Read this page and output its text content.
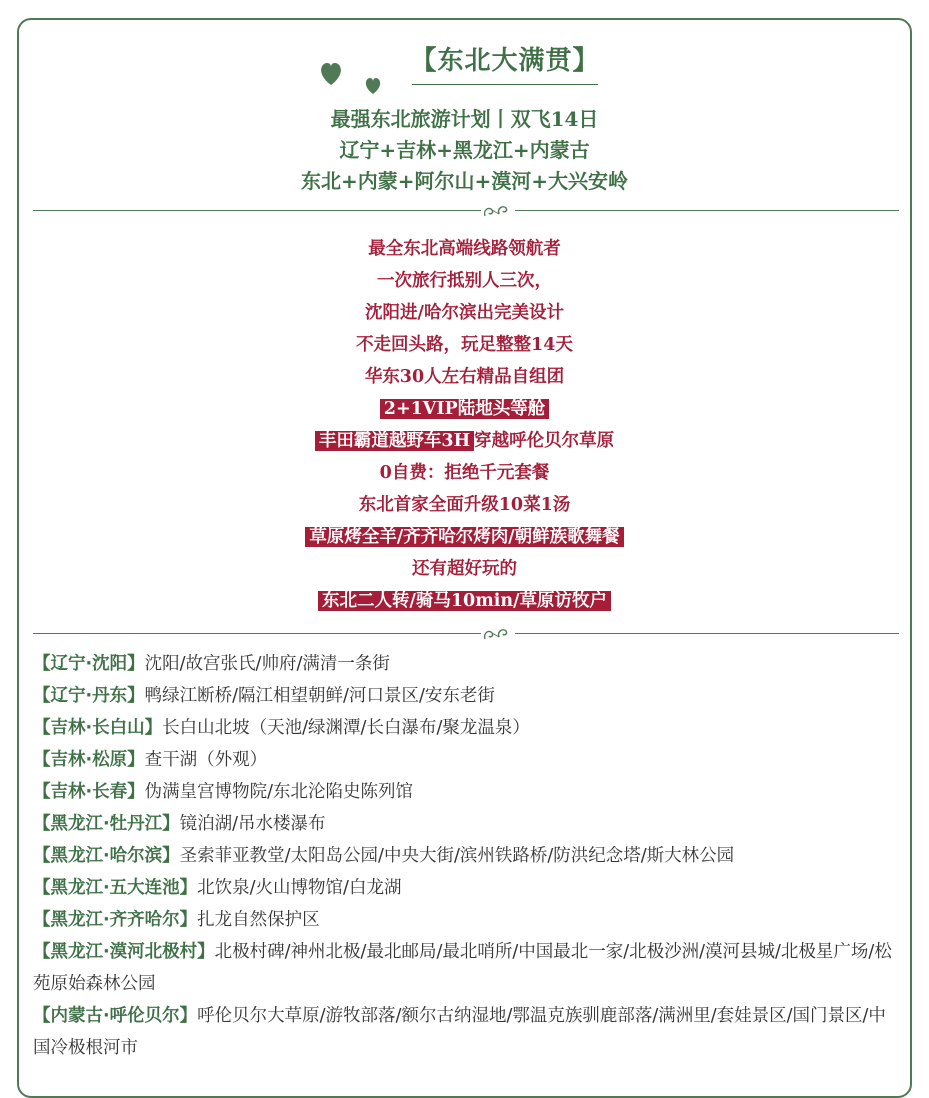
【东北大满贯】
最强东北旅游计划丨双飞14日
辽宁+吉林+黑龙江+内蒙古
东北+内蒙+阿尔山+漠河+大兴安岭
最全东北高端线路领航者
一次旅行抵别人三次，
沈阳进/哈尔滨出完美设计
不走回头路，玩足整整14天
华东30人左右精品自组团
2+1VIP陆地头等舱
丰田霸道越野车3H 穿越呼伦贝尔草原
0自费：拒绝千元套餐
东北首家全面升级10菜1汤
草原烤全羊/齐齐哈尔烤肉/朝鲜族歌舞餐
还有超好玩的
东北二人转/骑马10min/草原访牧户
【辽宁·沈阳】沈阳/故宫张氏/帅府/满清一条街
【辽宁·丹东】鸭绿江断桥/隔江相望朝鲜/河口景区/安东老街
【吉林·长白山】长白山北坡（天池/绿渊潭/长白瀑布/聚龙温泉）
【吉林·松原】查干湖（外观）
【吉林·长春】伪满皇宫博物院/东北沦陷史陈列馆
【黑龙江·牡丹江】镜泊湖/吊水楼瀑布
【黑龙江·哈尔滨】圣索菲亚教堂/太阳岛公园/中央大街/滨州铁路桥/防洪纪念塔/斯大林公园
【黑龙江·五大连池】北饮泉/火山博物馆/白龙湖
【黑龙江·齐齐哈尔】扎龙自然保护区
【黑龙江·漠河北极村】北极村碑/神州北极/最北邮局/最北哨所/中国最北一家/北极沙洲/漠河县城/北极星广场/松苑原始森林公园
【内蒙古·呼伦贝尔】呼伦贝尔大草原/游牧部落/额尔古纳湿地/鄂温克族驯鹿部落/满洲里/套娃景区/国门景区/中国冷极根河市
